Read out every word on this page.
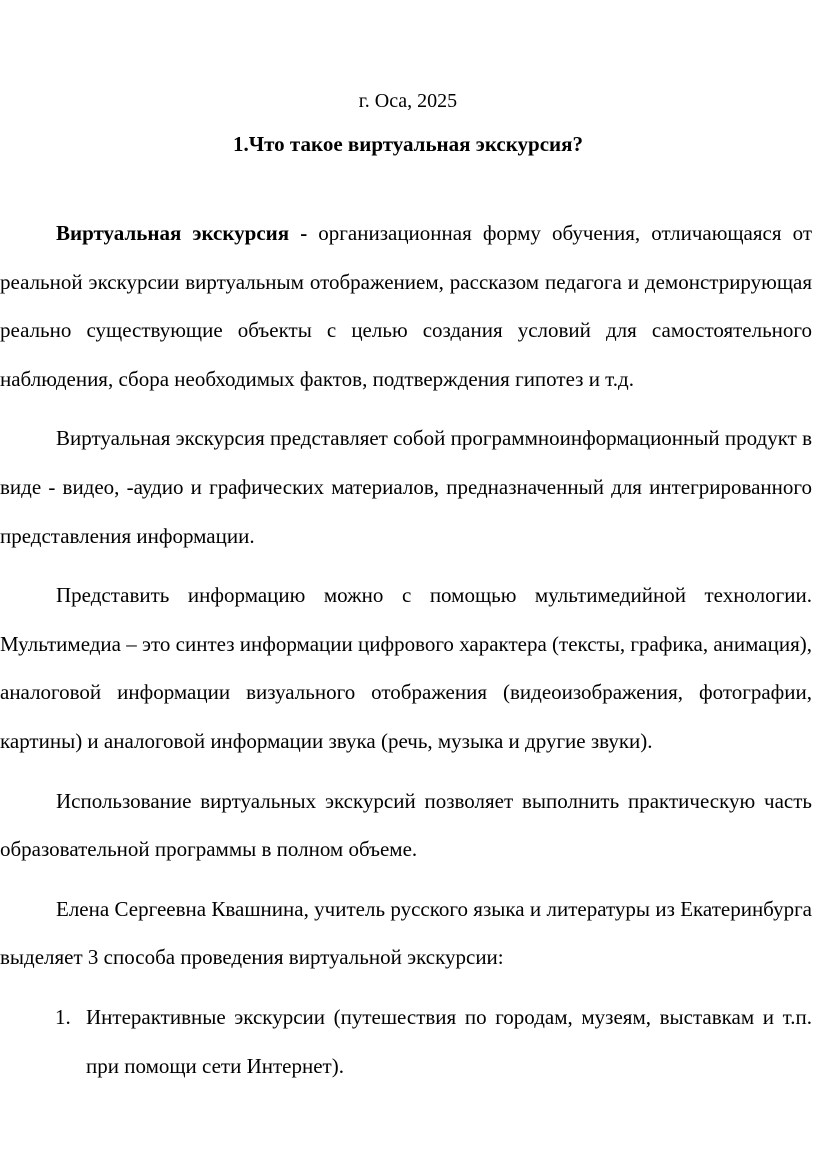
г. Оса, 2025
1.Что такое виртуальная экскурсия?

Виртуальная экскурсия - организационная форму обучения, отличающаяся от реальной экскурсии виртуальным отображением, рассказом педагога и демонстрирующая реально существующие объекты с целью создания условий для самостоятельного наблюдения, сбора необходимых фактов, подтверждения гипотез и т.д.

Виртуальная экскурсия представляет собой программноинформационный продукт в виде - видео, -аудио и графических материалов, предназначенный для интегрированного представления информации.

Представить информацию можно с помощью мультимедийной технологии. Мультимедиа – это синтез информации цифрового характера (тексты, графика, анимация), аналоговой информации визуального отображения (видеоизображения, фотографии, картины) и аналоговой информации звука (речь, музыка и другие звуки).

Использование виртуальных экскурсий позволяет выполнить практическую часть образовательной программы в полном объеме.

Елена Сергеевна Квашнина, учитель русского языка и литературы из Екатеринбурга выделяет 3 способа проведения виртуальной экскурсии:

1. Интерактивные экскурсии (путешествия по городам, музеям, выставкам и т.п. при помощи сети Интернет).
